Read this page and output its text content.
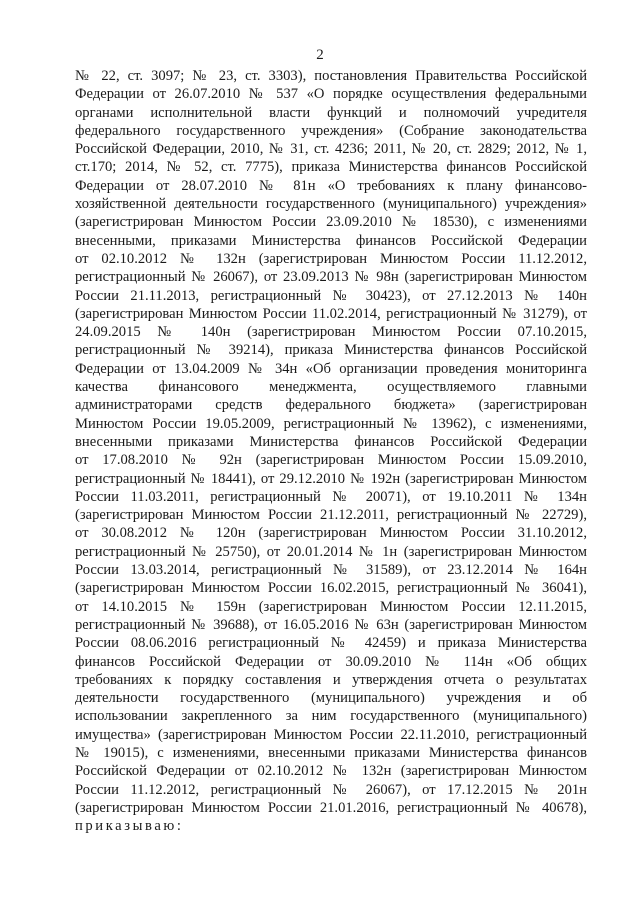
2
№ 22, ст. 3097; № 23, ст. 3303), постановления Правительства Российской
Федерации от 26.07.2010 № 537 «О порядке осуществления федеральными
органами исполнительной власти функций и полномочий учредителя
федерального государственного учреждения» (Собрание законодательства
Российской Федерации, 2010, № 31, ст. 4236; 2011, № 20, ст. 2829; 2012, № 1,
ст.170; 2014, № 52, ст. 7775), приказа Министерства финансов Российской
Федерации от 28.07.2010 № 81н «О требованиях к плану финансово-
хозяйственной деятельности государственного (муниципального) учреждения»
(зарегистрирован Минюстом России 23.09.2010 № 18530), с изменениями
внесенными, приказами Министерства финансов Российской Федерации
от 02.10.2012 № 132н (зарегистрирован Минюстом России 11.12.2012,
регистрационный № 26067), от 23.09.2013 № 98н (зарегистрирован Минюстом
России 21.11.2013, регистрационный № 30423), от 27.12.2013 № 140н
(зарегистрирован Минюстом России 11.02.2014, регистрационный № 31279), от
24.09.2015 № 140н (зарегистрирован Минюстом России 07.10.2015,
регистрационный № 39214), приказа Министерства финансов Российской
Федерации от 13.04.2009 № 34н «Об организации проведения мониторинга
качества финансового менеджмента, осуществляемого главными
администраторами средств федерального бюджета» (зарегистрирован
Минюстом России 19.05.2009, регистрационный № 13962), с изменениями,
внесенными приказами Министерства финансов Российской Федерации
от 17.08.2010 № 92н (зарегистрирован Минюстом России 15.09.2010,
регистрационный № 18441), от 29.12.2010 № 192н (зарегистрирован Минюстом
России 11.03.2011, регистрационный № 20071), от 19.10.2011 № 134н
(зарегистрирован Минюстом России 21.12.2011, регистрационный № 22729),
от 30.08.2012 № 120н (зарегистрирован Минюстом России 31.10.2012,
регистрационный № 25750), от 20.01.2014 № 1н (зарегистрирован Минюстом
России 13.03.2014, регистрационный № 31589), от 23.12.2014 № 164н
(зарегистрирован Минюстом России 16.02.2015, регистрационный № 36041),
от 14.10.2015 № 159н (зарегистрирован Минюстом России 12.11.2015,
регистрационный № 39688), от 16.05.2016 № 63н (зарегистрирован Минюстом
России 08.06.2016 регистрационный № 42459) и приказа Министерства
финансов Российской Федерации от 30.09.2010 № 114н «Об общих
требованиях к порядку составления и утверждения отчета о результатах
деятельности государственного (муниципального) учреждения и об
использовании закрепленного за ним государственного (муниципального)
имущества» (зарегистрирован Минюстом России 22.11.2010, регистрационный
№ 19015), с изменениями, внесенными приказами Министерства финансов
Российской Федерации от 02.10.2012 № 132н (зарегистрирован Минюстом
России 11.12.2012, регистрационный № 26067), от 17.12.2015 № 201н
(зарегистрирован Минюстом России 21.01.2016, регистрационный № 40678),
приказываю:
